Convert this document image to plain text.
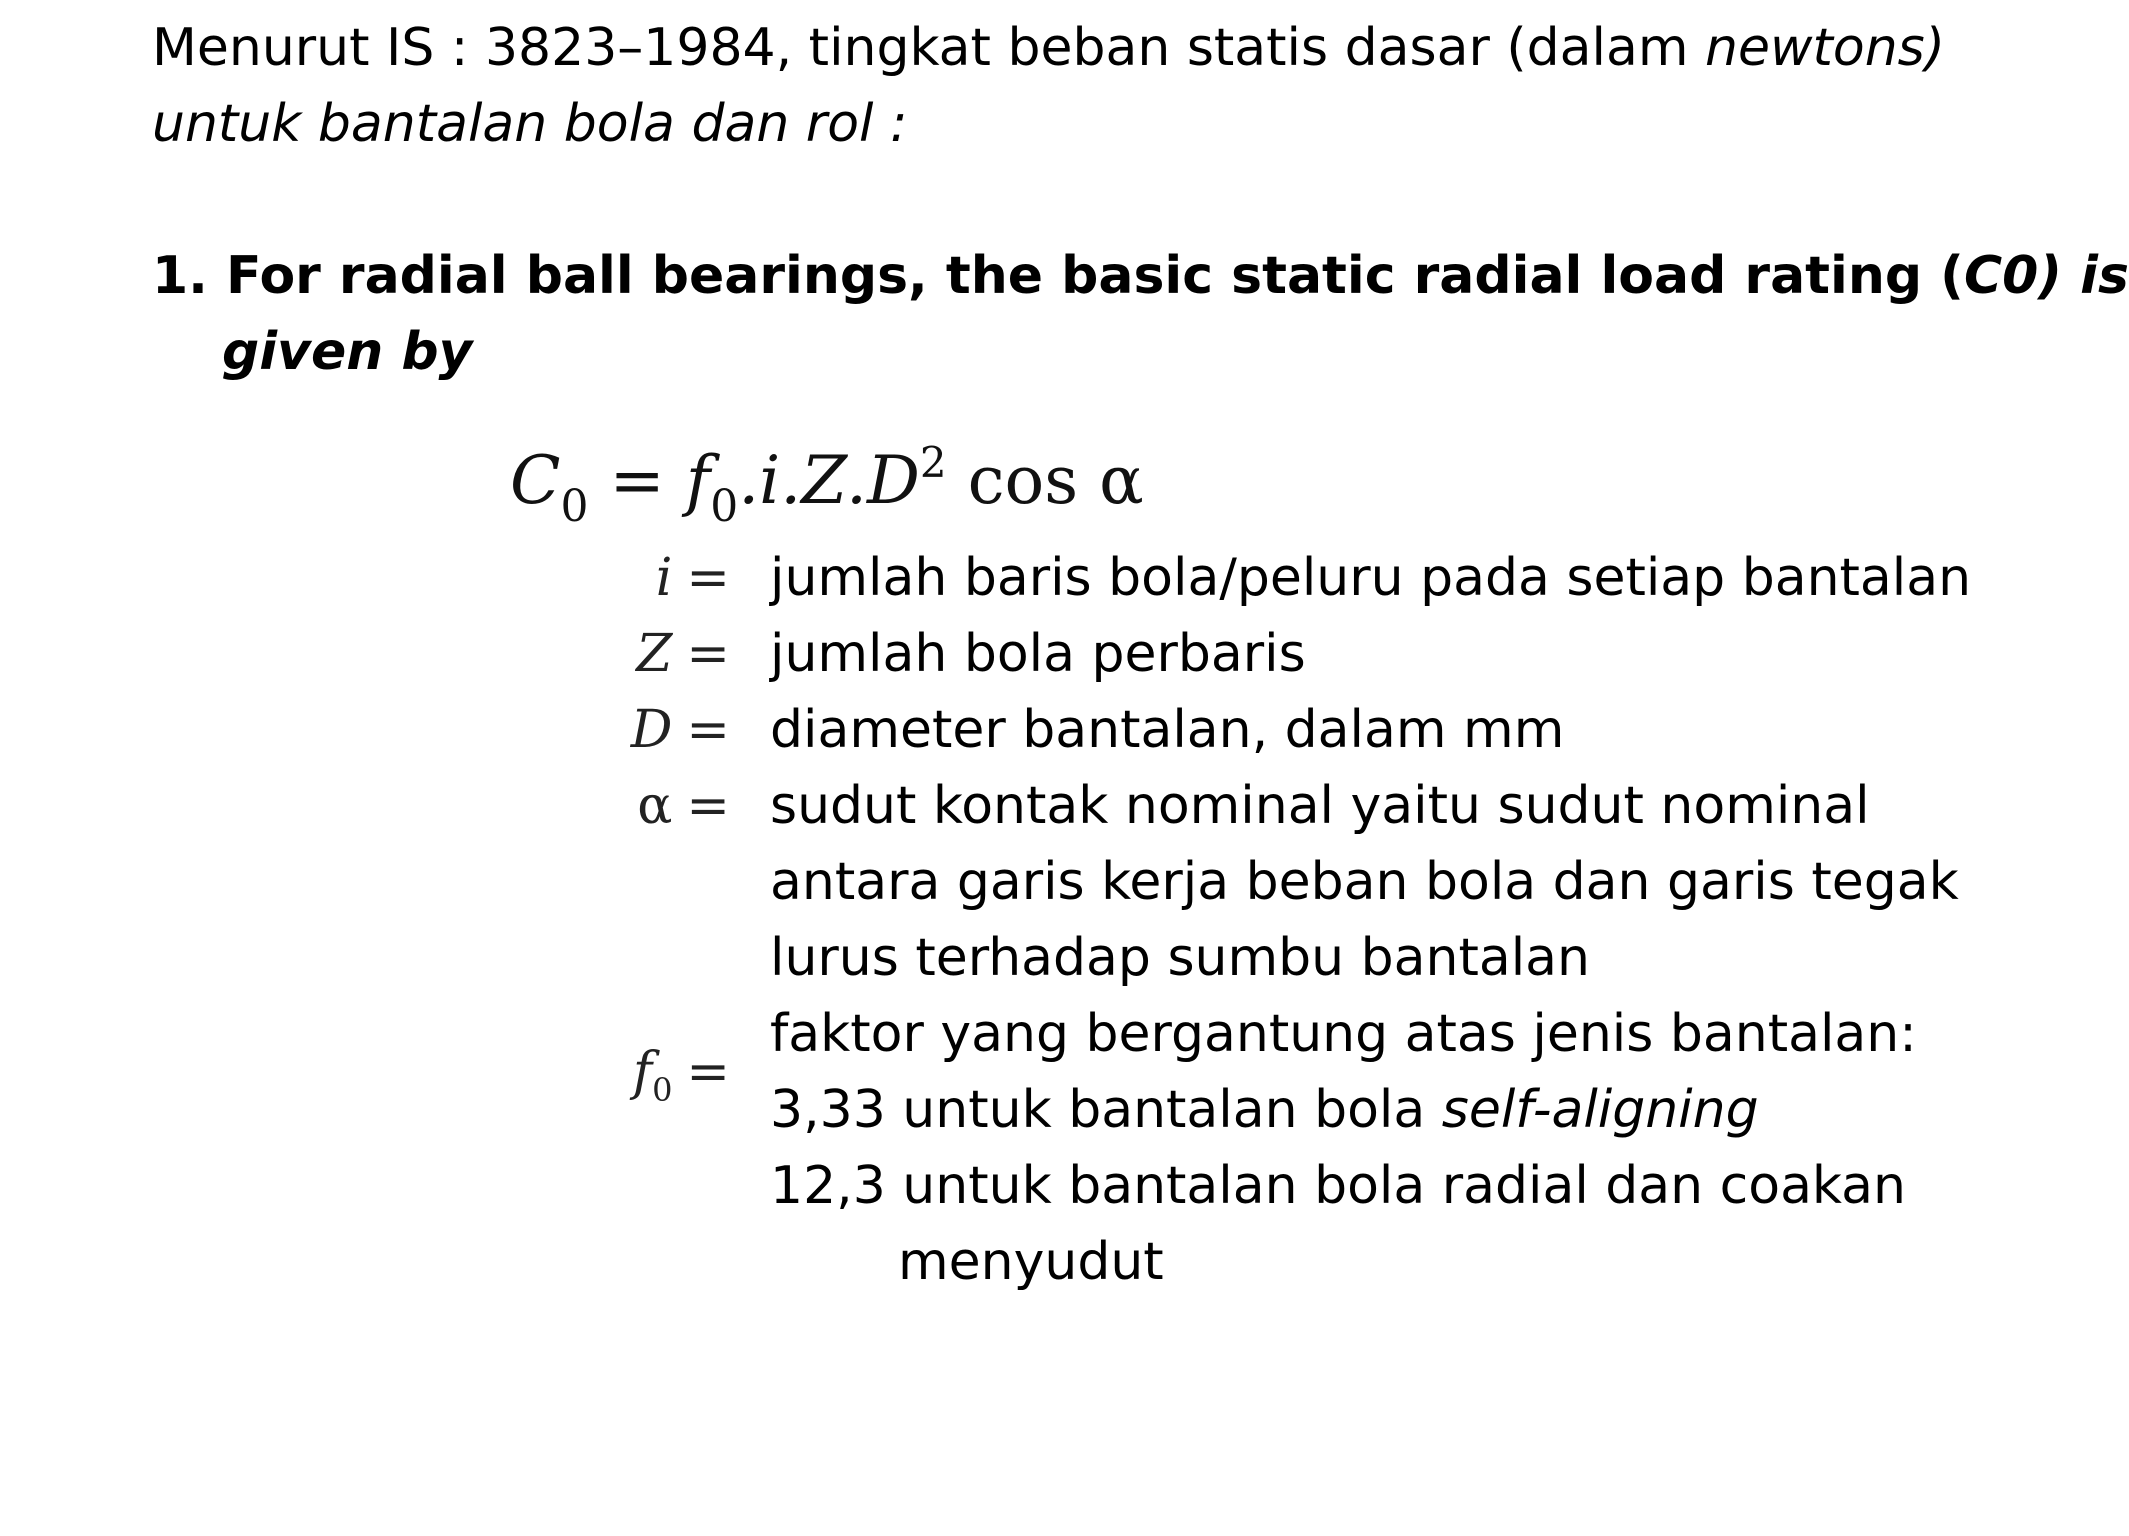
Menurut IS : 3823–1984, tingkat beban statis dasar (dalam newtons)
untuk bantalan bola dan rol :
1. For radial ball bearings, the basic static radial load rating (C0) is
given by
$C_0 = f_0.i.Z.D^2$ cos α
i = jumlah baris bola/peluru pada setiap bantalan
Z = jumlah bola perbaris
D = diameter bantalan, dalam mm
α = sudut kontak nominal yaitu sudut nominal
antara garis kerja beban bola dan garis tegak
lurus terhadap sumbu bantalan
faktor yang bergantung atas jenis bantalan:
$f_0$ =
3,33 untuk bantalan bola self-aligning
12,3 untuk bantalan bola radial dan coakan
menyudut
